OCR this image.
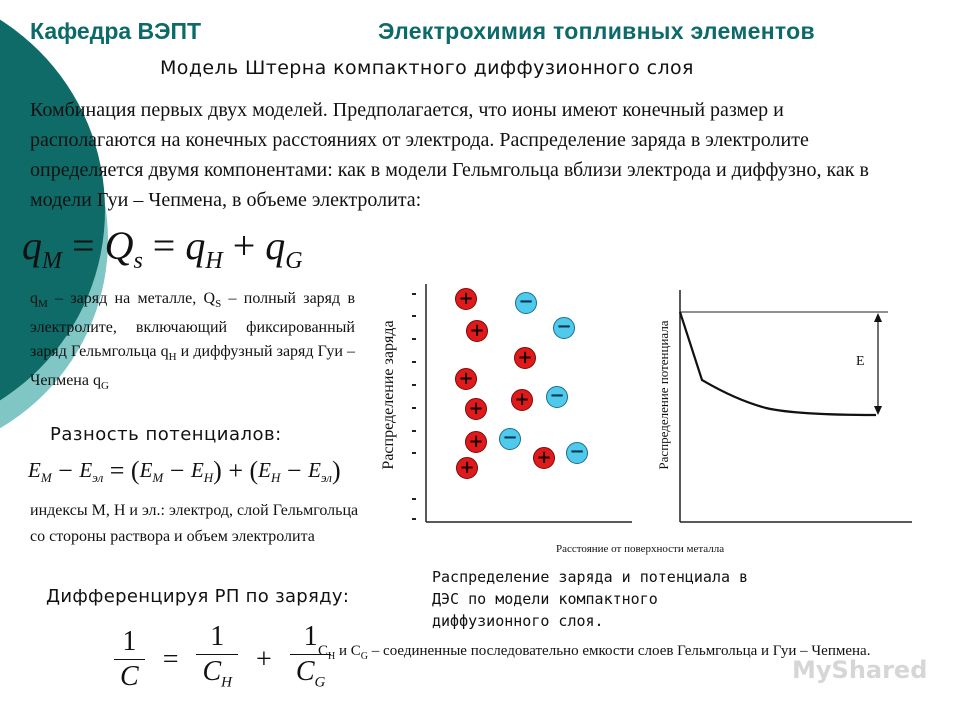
Кафедра ВЭПТ	Электрохимия топливных элементов
Модель Штерна компактного диффузионного слоя
Комбинация первых двух моделей. Предполагается, что ионы имеют конечный размер и располагаются на конечных расстояниях от электрода. Распределение заряда в электролите определяется двумя компонентами: как в модели Гельмгольца вблизи электрода и диффузно, как в модели Гуи – Чепмена, в объеме электролита:
$q_M = Q_s = q_H + q_G$
$q_M$ – заряд на металле, $Q_S$ – полный заряд в электролите, включающий фиксированный заряд Гельмгольца $q_H$ и диффузный заряд Гуи – Чепмена $q_G$
Разность потенциалов:
$E_M - E_{эл} = (E_M - E_H) + (E_H - E_{эл})$
индексы М, Н и эл.: электрод, слой Гельмгольца со стороны раствора и объем электролита
Дифференцируя РП по заряду:
$\frac{1}{C} = \frac{1}{C_H} + \frac{1}{C_G}$
$С_Н$ и $С_G$ – соединенные последовательно емкости слоев Гельмгольца и Гуи – Чепмена.
Распределение заряда
+
+
+
+
+
+
+
+
+
−
−
−
−
−	Распределение потенциала	E
Расстояние от поверхности металла
Распределение заряда и потенциала в ДЭС по модели компактного диффузионного слоя.
MyShared
